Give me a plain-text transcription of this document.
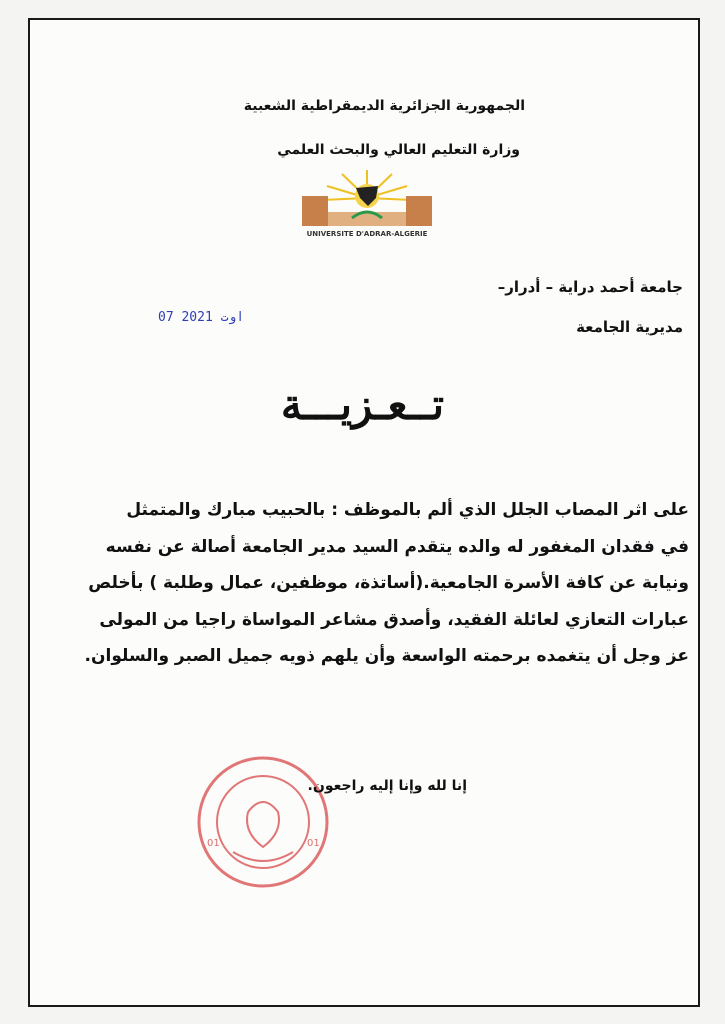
الجمهورية الجزائرية الديمقراطية الشعبية
وزارة التعليم العالي والبحث العلمي
UNIVERSITE D'ADRAR-ALGERIE
جامعة أحمد دراية – أدرار–
مديرية الجامعة
07 اوت 2021
تــعـزيـــة

على اثر المصاب الجلل الذي ألم بالموظف : بالحبيب مبارك والمتمثل

في فقدان المغفور له والده يتقدم السيد مدير الجامعة أصالة عن نفسه

ونيابة عن كافة الأسرة الجامعية.(أساتذة، موظفين، عمال وطلبة ) بأخلص

عبارات التعازي لعائلة الفقيد، وأصدق مشاعر المواساة راجيا من المولى

عز وجل أن يتغمده برحمته الواسعة وأن يلهم ذويه جميل الصبر والسلوان.

01	01
إنا لله وإنا إليه راجعون.
